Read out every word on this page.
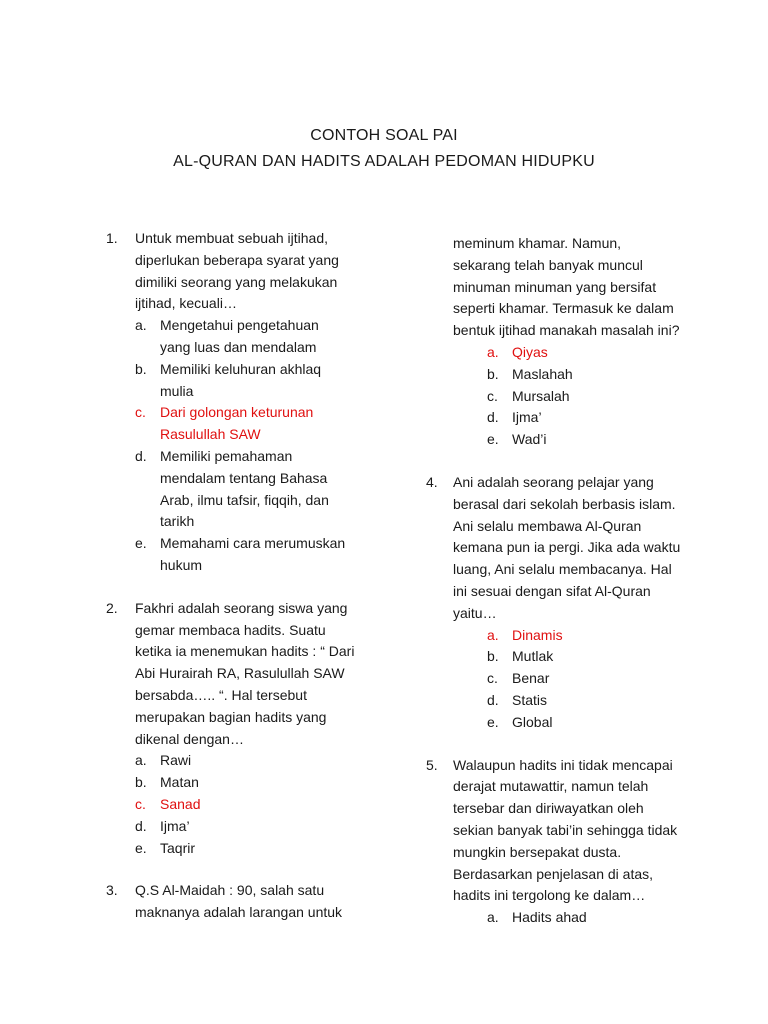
CONTOH SOAL PAI
AL-QURAN DAN HADITS ADALAH PEDOMAN HIDUPKU
1.	Untuk membuat sebuah ijtihad,
diperlukan beberapa syarat yang
dimiliki seorang yang melakukan
ijtihad, kecuali…
a. Mengetahui pengetahuan
yang luas dan mendalam
b. Memiliki keluhuran akhlaq
mulia
c.	Dari golongan keturunan
Rasulullah SAW
d. Memiliki pemahaman
mendalam tentang Bahasa
Arab, ilmu tafsir, fiqqih, dan
tarikh
e. Memahami cara merumuskan
hukum
2.	Fakhri adalah seorang siswa yang
gemar membaca hadits. Suatu
ketika ia menemukan hadits : “ Dari
Abi Hurairah RA, Rasulullah SAW
bersabda….. “. Hal tersebut
merupakan bagian hadits yang
dikenal dengan…
a. Rawi
b. Matan
c.	Sanad
d. Ijma’
e. Taqrir
3.	Q.S Al-Maidah : 90, salah satu
maknanya adalah larangan untuk
meminum khamar. Namun,
sekarang telah banyak muncul
minuman minuman yang bersifat
seperti khamar. Termasuk ke dalam
bentuk ijtihad manakah masalah ini?
a. Qiyas
b. Maslahah
c.	Mursalah
d. Ijma’
e. Wad’i
4.	Ani adalah seorang pelajar yang
berasal dari sekolah berbasis islam.
Ani selalu membawa Al-Quran
kemana pun ia pergi. Jika ada waktu
luang, Ani selalu membacanya. Hal
ini sesuai dengan sifat Al-Quran
yaitu…
a. Dinamis
b. Mutlak
c.	Benar
d. Statis
e. Global
5.	Walaupun hadits ini tidak mencapai
derajat mutawattir, namun telah
tersebar dan diriwayatkan oleh
sekian banyak tabi’in sehingga tidak
mungkin bersepakat dusta.
Berdasarkan penjelasan di atas,
hadits ini tergolong ke dalam…
a. Hadits ahad
